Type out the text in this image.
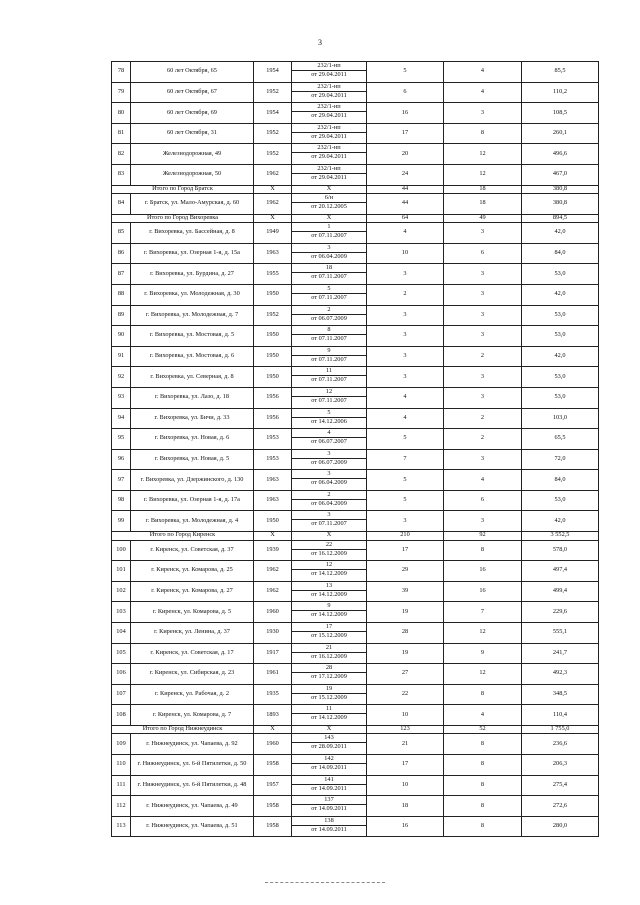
3
78	60 лет Октября, 65	1954	232/1-нп
от 29.04.2011	5	4	85,5
79	60 лет Октября, 67	1952	232/1-нп
от 29.04.2011	6	4	110,2
80	60 лет Октября, 69	1954	232/1-нп
от 29.04.2011	16	3	108,5
81	60 лет Октября, 31	1952	232/1-нп
от 29.04.2011	17	8	260,1
82	Железнодорожная, 49	1952	232/1-нп
от 29.04.2011	20	12	496,6
83	Железнодорожная, 50	1962	232/1-нп
от 29.04.2011	24	12	467,0
Итого по Город Братск		X	X	44	18	380,8
84	г. Братск, ул. Мало-Амурская, д. 60	1962	6/н
от 20.12.2005	44	18	380,8
Итого по Город Вихоревка		X	X	64	49	894,5
85	г. Вихоревка, ул. Бассейная, д. 8	1949	1
от 07.11.2007	4	3	42,0
86	г. Вихоревка, ул. Озерная 1-я, д. 15а	1963	3
от 06.04.2009	10	6	84,0
87	г. Вихоревка, ул. Бурдина, д. 27	1955	18
от 07.11.2007	3	3	53,0
88	г. Вихоревка, ул. Молодежная, д. 30	1950	5
от 07.11.2007	2	3	42,0
89	г. Вихоревка, ул. Молодежная, д. 7	1952	2
от 06.07.2009	3	3	53,0
90	г. Вихоревка, ул. Мостовая, д. 5	1950	8
от 07.11.2007	3	3	53,0
91	г. Вихоревка, ул. Мостовая, д. 6	1950	9
от 07.11.2007	3	2	42,0
92	г. Вихоревка, ул. Северная, д. 8	1950	11
от 07.11.2007	3	3	53,0
93	г. Вихоревка, ул. Лазо, д. 18	1956	12
от 07.11.2007	4	3	53,0
94	г. Вихоревка, ул. Бичи, д. 33	1956	5
от 14.12.2006	4	2	103,0
95	г. Вихоревка, ул. Новая, д. 6	1953	4
от 06.07.2007	5	2	65,5
96	г. Вихоревка, ул. Новая, д. 5	1953	3
от 06.07.2009	7	3	72,0
97	г. Вихоревка, ул. Дзержинского, д. 130	1963	3
от 06.04.2009	5	4	84,0
98	г. Вихоревка, ул. Озерная 1-я, д. 17а	1963	2
от 06.04.2009	5	6	53,0
99	г. Вихоревка, ул. Молодежная, д. 4	1950	3
от 07.11.2007	3	3	42,0
Итого по Город Киренск		X	X	210	92	3 552,5
100	г. Киренск, ул. Советская, д. 37	1939	22
от 16.12.2009	17	8	578,0
101	г. Киренск, ул. Комарова, д. 25	1962	12
от 14.12.2009	29	16	497,4
102	г. Киренск, ул. Комарова, д. 27	1962	13
от 14.12.2009	39	16	499,4
103	г. Киренск, ул. Комарова, д. 5	1960	9
от 14.12.2009	19	7	229,6
104	г. Киренск, ул. Ленина, д. 37	1930	17
от 15.12.2009	28	12	555,1
105	г. Киренск, ул. Советская, д. 17	1917	21
от 16.12.2009	19	9	241,7
106	г. Киренск, ул. Сибирская, д. 23	1961	28
от 17.12.2009	27	12	492,3
107	г. Киренск, ул. Рабочая, д. 2	1935	19
от 15.12.2009	22	8	348,5
108	г. Киренск, ул. Комарова, д. 7	1893	11
от 14.12.2009	10	4	110,4
Итого по Город Нижнеудинск		X	X	123	52	1 755,0
109	г. Нижнеудинск, ул. Чапаева, д. 92	1960	143
от 28.09.2011	21	8	236,6
110	г. Нижнеудинск, ул. 6-й Пятилетки, д. 50	1958	142
от 14.09.2011	17	8	206,3
111	г. Нижнеудинск, ул. 6-й Пятилетки, д. 48	1957	141
от 14.09.2011	10	8	275,4
112	г. Нижнеудинск, ул. Чапаева, д. 49	1958	137
от 14.09.2011	18	8	272,6
113	г. Нижнеудинск, ул. Чапаева, д. 51	1958	138
от 14.09.2011	16	8	280,0
